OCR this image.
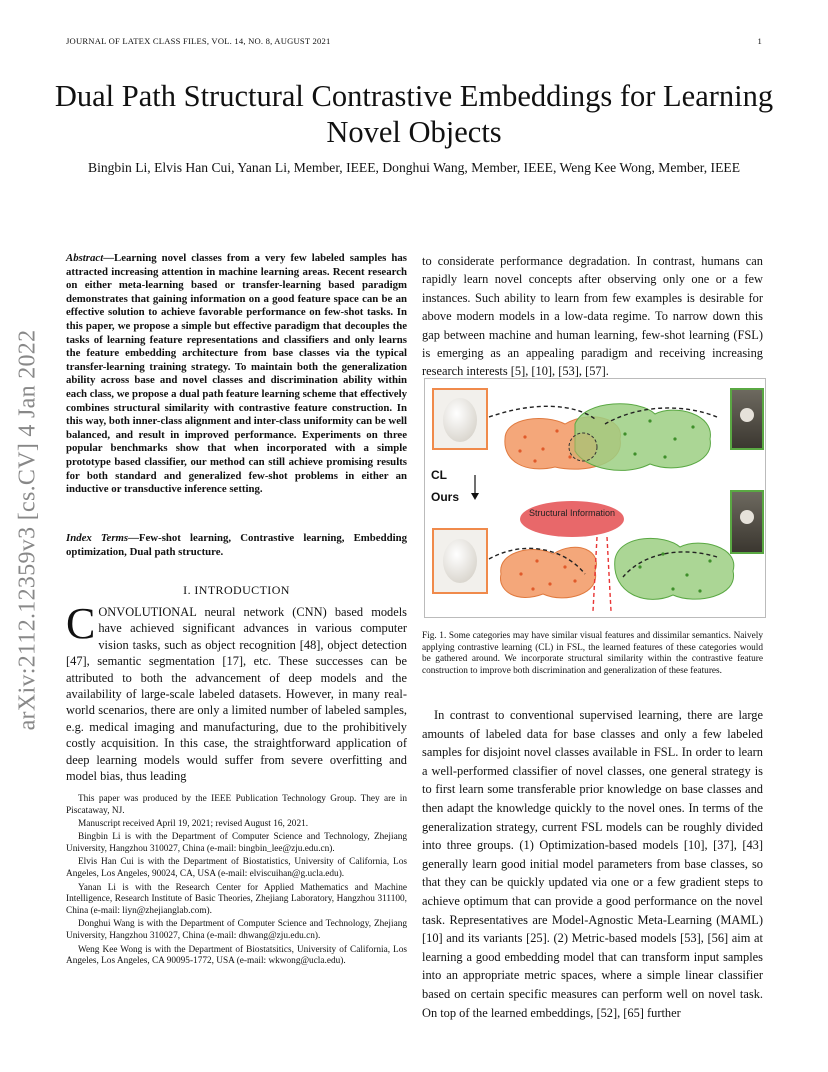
JOURNAL OF LATEX CLASS FILES, VOL. 14, NO. 8, AUGUST 2021	1
Dual Path Structural Contrastive Embeddings for Learning Novel Objects
Bingbin Li, Elvis Han Cui, Yanan Li, Member, IEEE, Donghui Wang, Member, IEEE, Weng Kee Wong, Member, IEEE
arXiv:2112.12359v3 [cs.CV] 4 Jan 2022
Abstract—Learning novel classes from a very few labeled samples has attracted increasing attention in machine learning areas. Recent research on either meta-learning based or transfer-learning based paradigm demonstrates that gaining information on a good feature space can be an effective solution to achieve favorable performance on few-shot tasks. In this paper, we propose a simple but effective paradigm that decouples the tasks of learning feature representations and classifiers and only learns the feature embedding architecture from base classes via the typical transfer-learning training strategy. To maintain both the generalization ability across base and novel classes and discrimination ability within each class, we propose a dual path feature learning scheme that effectively combines structural similarity with contrastive feature construction. In this way, both inner-class alignment and inter-class uniformity can be well balanced, and result in improved performance. Experiments on three popular benchmarks show that when incorporated with a simple prototype based classifier, our method can still achieve promising results for both standard and generalized few-shot problems in either an inductive or transductive inference setting.
Index Terms—Few-shot learning, Contrastive learning, Embedding optimization, Dual path structure.
I. INTRODUCTION
CONVOLUTIONAL neural network (CNN) based models have achieved significant advances in various computer vision tasks, such as object recognition [48], object detection [47], semantic segmentation [17], etc. These successes can be attributed to both the advancement of deep models and the availability of large-scale labeled datasets. However, in many real-world scenarios, there are only a limited number of labeled samples, e.g. medical imaging and manufacturing, due to the prohibitively costly acquisition. In this case, the straightforward application of deep learning models would suffer from severe overfitting and model bias, thus leading

This paper was produced by the IEEE Publication Technology Group. They are in Piscataway, NJ.

Manuscript received April 19, 2021; revised August 16, 2021.

Bingbin Li is with the Department of Computer Science and Technology, Zhejiang University, Hangzhou 310027, China (e-mail: bingbin_lee@zju.edu.cn).

Elvis Han Cui is with the Department of Biostatistics, University of California, Los Angeles, Los Angeles, 90024, CA, USA (e-mail: elviscuihan@g.ucla.edu).

Yanan Li is with the Research Center for Applied Mathematics and Machine Intelligence, Research Institute of Basic Theories, Zhejiang Laboratory, Hangzhou 311100, China (e-mail: liyn@zhejianglab.com).

Donghui Wang is with the Department of Computer Science and Technology, Zhejiang University, Hangzhou 310027, China (e-mail: dhwang@zju.edu.cn).

Weng Kee Wong is with the Department of Biostatsitics, University of California, Los Angeles, Los Angeles, CA 90095-1772, USA (e-mail: wkwong@ucla.edu).

to considerate performance degradation. In contrast, humans can rapidly learn novel concepts after observing only one or a few instances. Such ability to learn from few examples is desirable for above modern models in a low-data regime. To narrow down this gap between machine and human learning, few-shot learning (FSL) is emerging as an appealing paradigm and receiving increasing research interests [5], [10], [53], [57].
CL
Ours
Structural Information
Fig. 1. Some categories may have similar visual features and dissimilar semantics. Naively applying contrastive learning (CL) in FSL, the learned features of these categories would be gathered around. We incorporate structural similarity within the contrastive feature construction to improve both discrimination and generalization of these features.
In contrast to conventional supervised learning, there are large amounts of labeled data for base classes and only a few labeled samples for disjoint novel classes available in FSL. In order to learn a well-performed classifier of novel classes, one general strategy is to first learn some transferable prior knowledge on base classes and then adapt the knowledge quickly to the novel ones. In terms of the generalization strategy, current FSL models can be roughly divided into three groups. (1) Optimization-based models [10], [37], [43] generally learn good initial model parameters from base classes, so that they can be quickly updated via one or a few gradient steps to achieve optimum that can provide a good performance on the novel task. Representatives are Model-Agnostic Meta-Learning (MAML) [10] and its variants [25]. (2) Metric-based models [53], [56] aim at learning a good embedding model that can transform input samples into an appropriate metric spaces, where a simple linear classifier based on certain specific measures can perform well on novel task. On top of the learned embeddings, [52], [65] further
